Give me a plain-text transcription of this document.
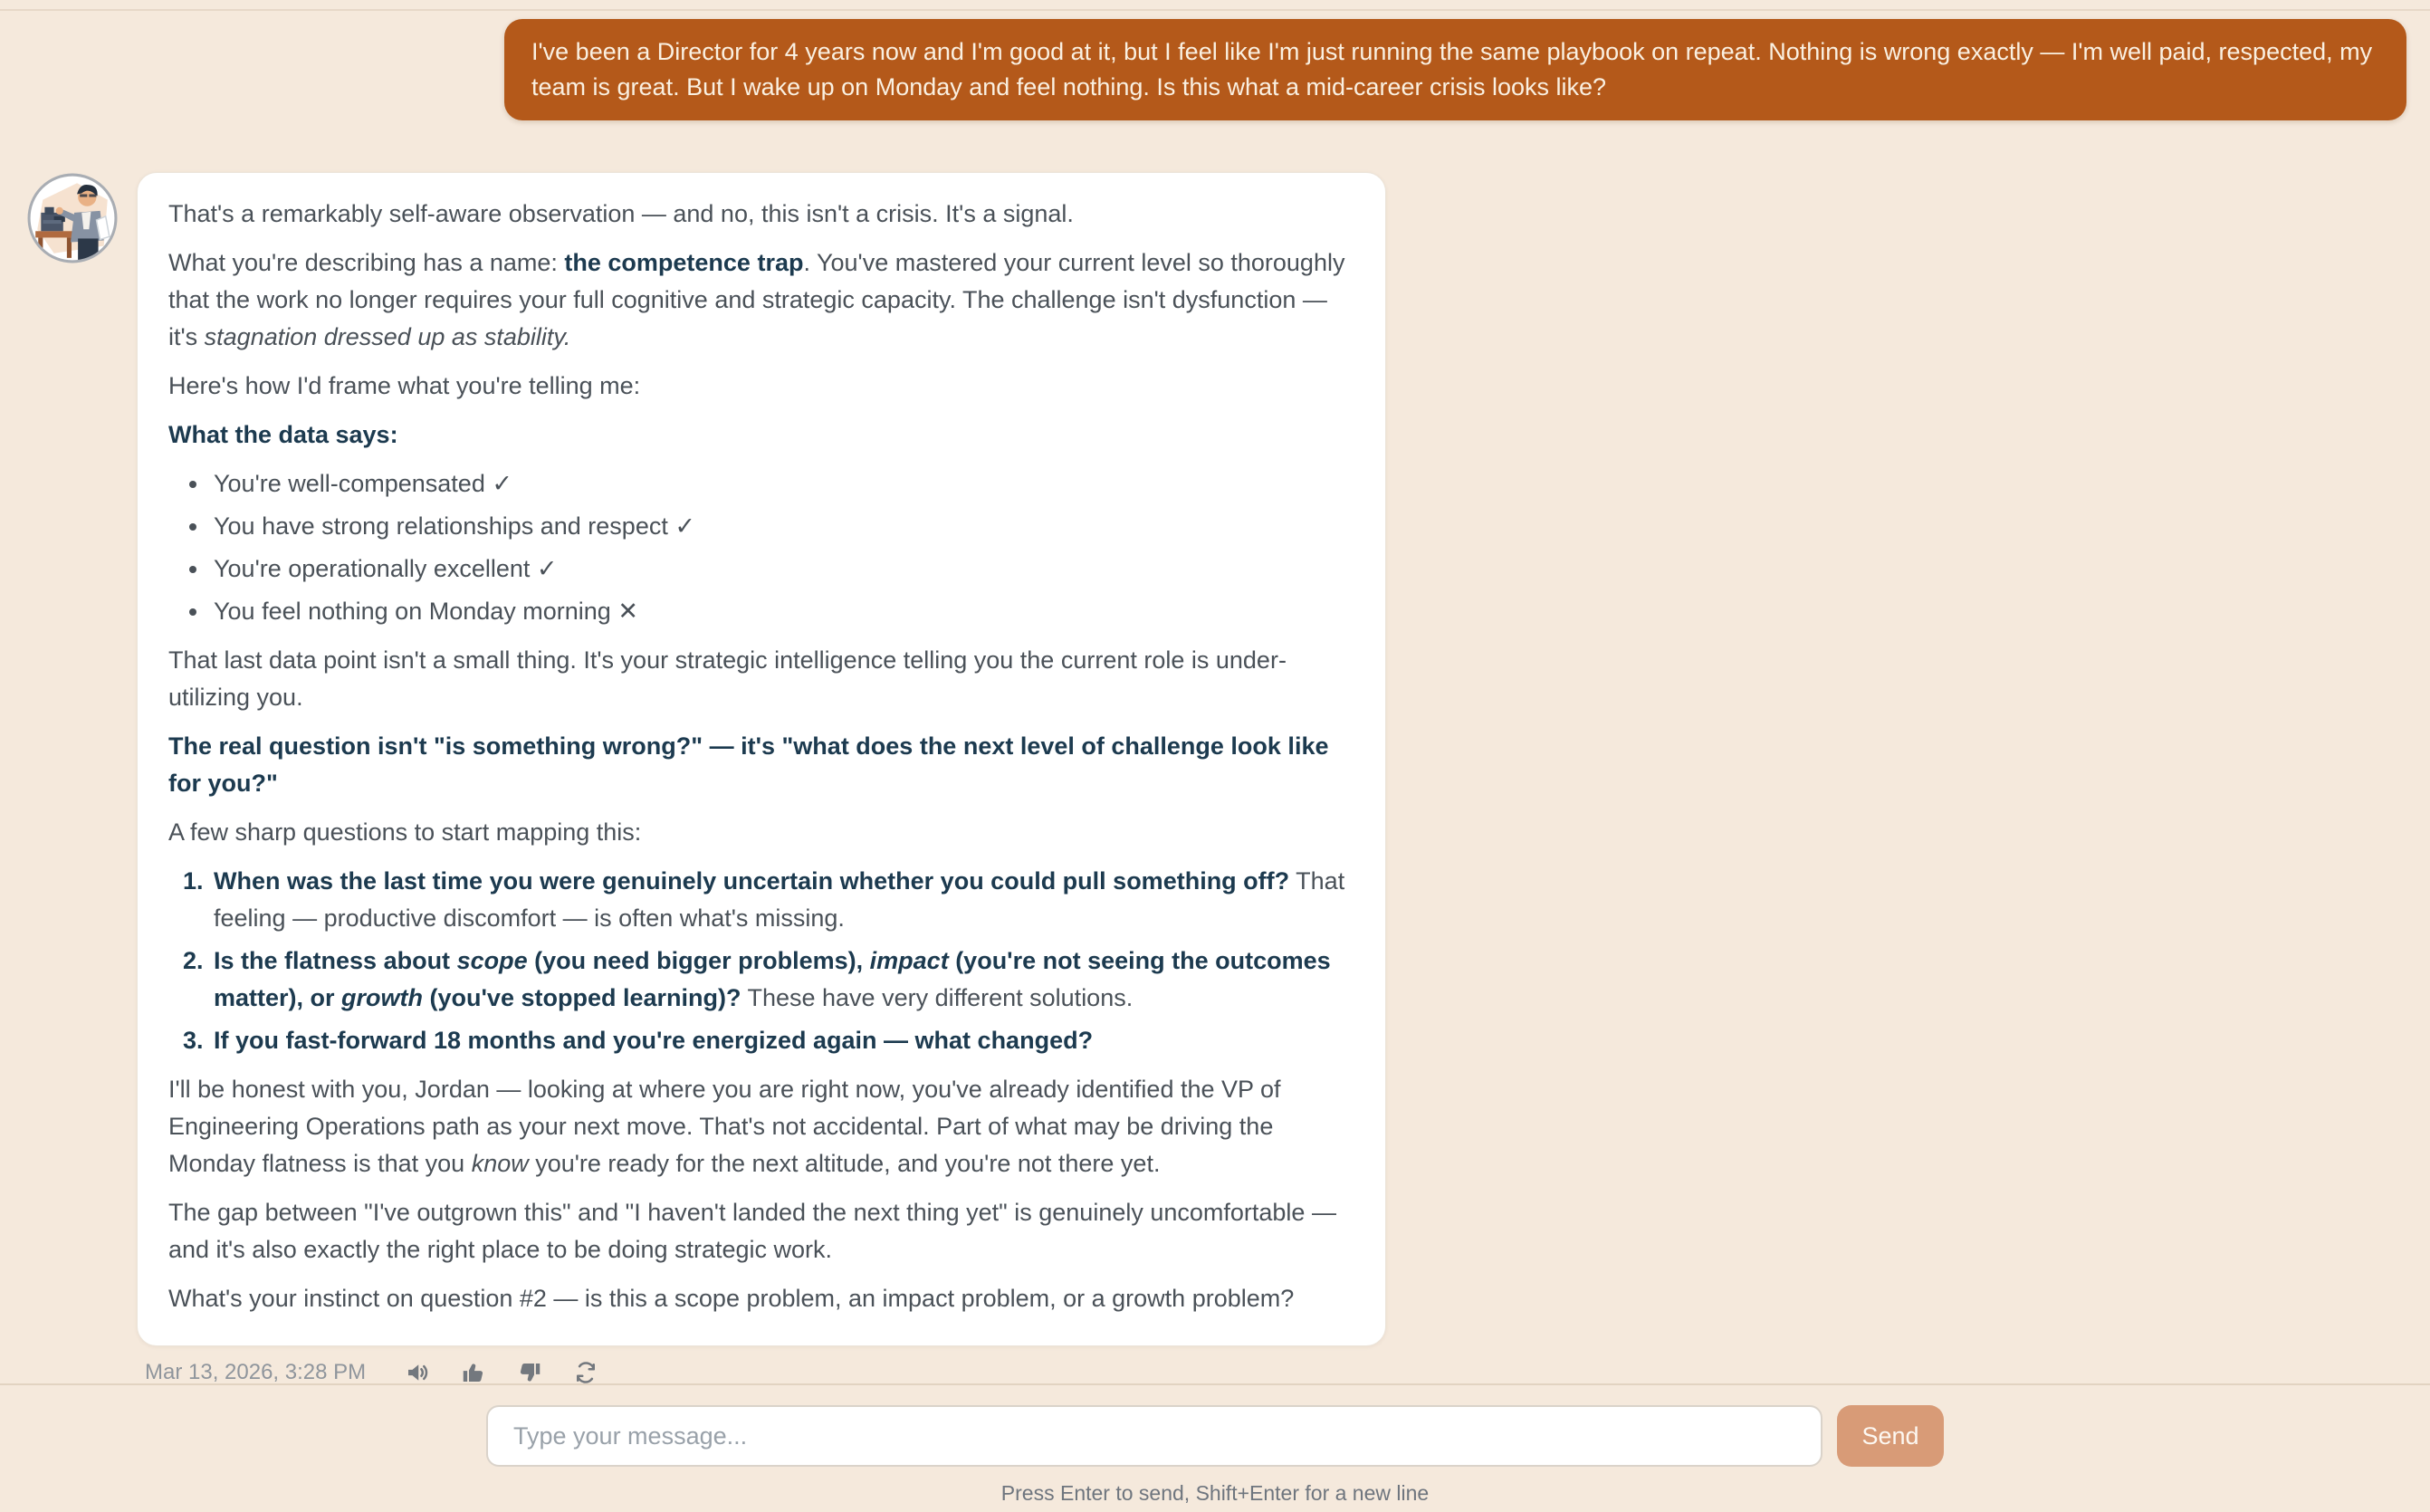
I've been a Director for 4 years now and I'm good at it, but I feel like I'm just running the same playbook on repeat. Nothing is wrong exactly — I'm well paid, respected, my team is great. But I wake up on Monday and feel nothing. Is this what a mid-career crisis looks like?

That's a remarkably self-aware observation — and no, this isn't a crisis. It's a signal.

What you're describing has a name: the competence trap. You've mastered your current level so thoroughly that the work no longer requires your full cognitive and strategic capacity. The challenge isn't dysfunction — it's stagnation dressed up as stability.

Here's how I'd frame what you're telling me:

What the data says:

• You're well-compensated ✓
• You have strong relationships and respect ✓
• You're operationally excellent ✓
• You feel nothing on Monday morning ✕

That last data point isn't a small thing. It's your strategic intelligence telling you the current role is under-utilizing you.

The real question isn't "is something wrong?" — it's "what does the next level of challenge look like for you?"

A few sharp questions to start mapping this:

1. When was the last time you were genuinely uncertain whether you could pull something off? That feeling — productive discomfort — is often what's missing.
2. Is the flatness about scope (you need bigger problems), impact (you're not seeing the outcomes matter), or growth (you've stopped learning)? These have very different solutions.
3. If you fast-forward 18 months and you're energized again — what changed?

I'll be honest with you, Jordan — looking at where you are right now, you've already identified the VP of Engineering Operations path as your next move. That's not accidental. Part of what may be driving the Monday flatness is that you know you're ready for the next altitude, and you're not there yet.

The gap between "I've outgrown this" and "I haven't landed the next thing yet" is genuinely uncomfortable — and it's also exactly the right place to be doing strategic work.

What's your instinct on question #2 — is this a scope problem, an impact problem, or a growth problem?

Mar 13, 2026, 3:28 PM
Type your message...
Send
Press Enter to send, Shift+Enter for a new line
